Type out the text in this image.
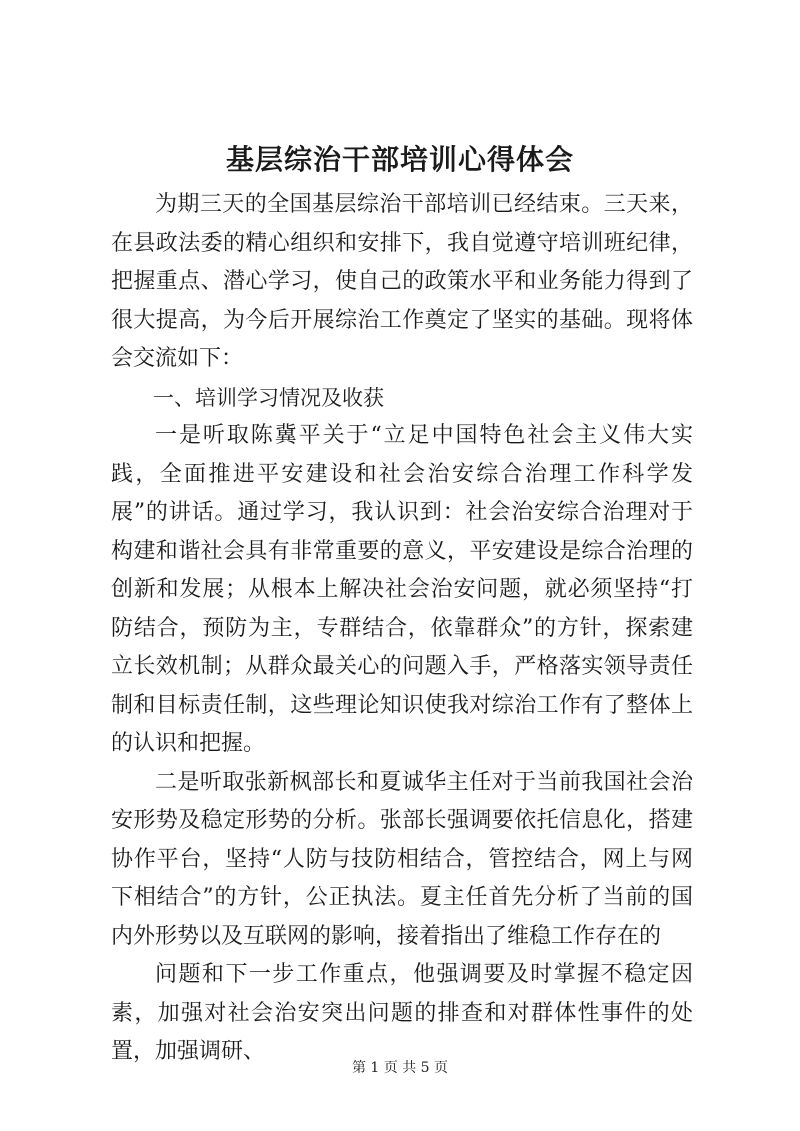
基层综治干部培训心得体会

为期三天的全国基层综治干部培训已经结束。三天来，在县政法委的精心组织和安排下，我自觉遵守培训班纪律，把握重点、潜心学习，使自己的政策水平和业务能力得到了很大提高，为今后开展综治工作奠定了坚实的基础。现将体会交流如下：

一、培训学习情况及收获

一是听取陈冀平关于“立足中国特色社会主义伟大实践，全面推进平安建设和社会治安综合治理工作科学发展”的讲话。通过学习，我认识到：社会治安综合治理对于构建和谐社会具有非常重要的意义，平安建设是综合治理的创新和发展；从根本上解决社会治安问题，就必须坚持“打防结合，预防为主，专群结合，依靠群众”的方针，探索建立长效机制；从群众最关心的问题入手，严格落实领导责任制和目标责任制，这些理论知识使我对综治工作有了整体上的认识和把握。

二是听取张新枫部长和夏诚华主任对于当前我国社会治安形势及稳定形势的分析。张部长强调要依托信息化，搭建协作平台，坚持“人防与技防相结合，管控结合，网上与网下相结合”的方针，公正执法。夏主任首先分析了当前的国内外形势以及互联网的影响，接着指出了维稳工作存在的

问题和下一步工作重点，他强调要及时掌握不稳定因素，加强对社会治安突出问题的排查和对群体性事件的处置，加强调研、

第 1 页 共 5 页
